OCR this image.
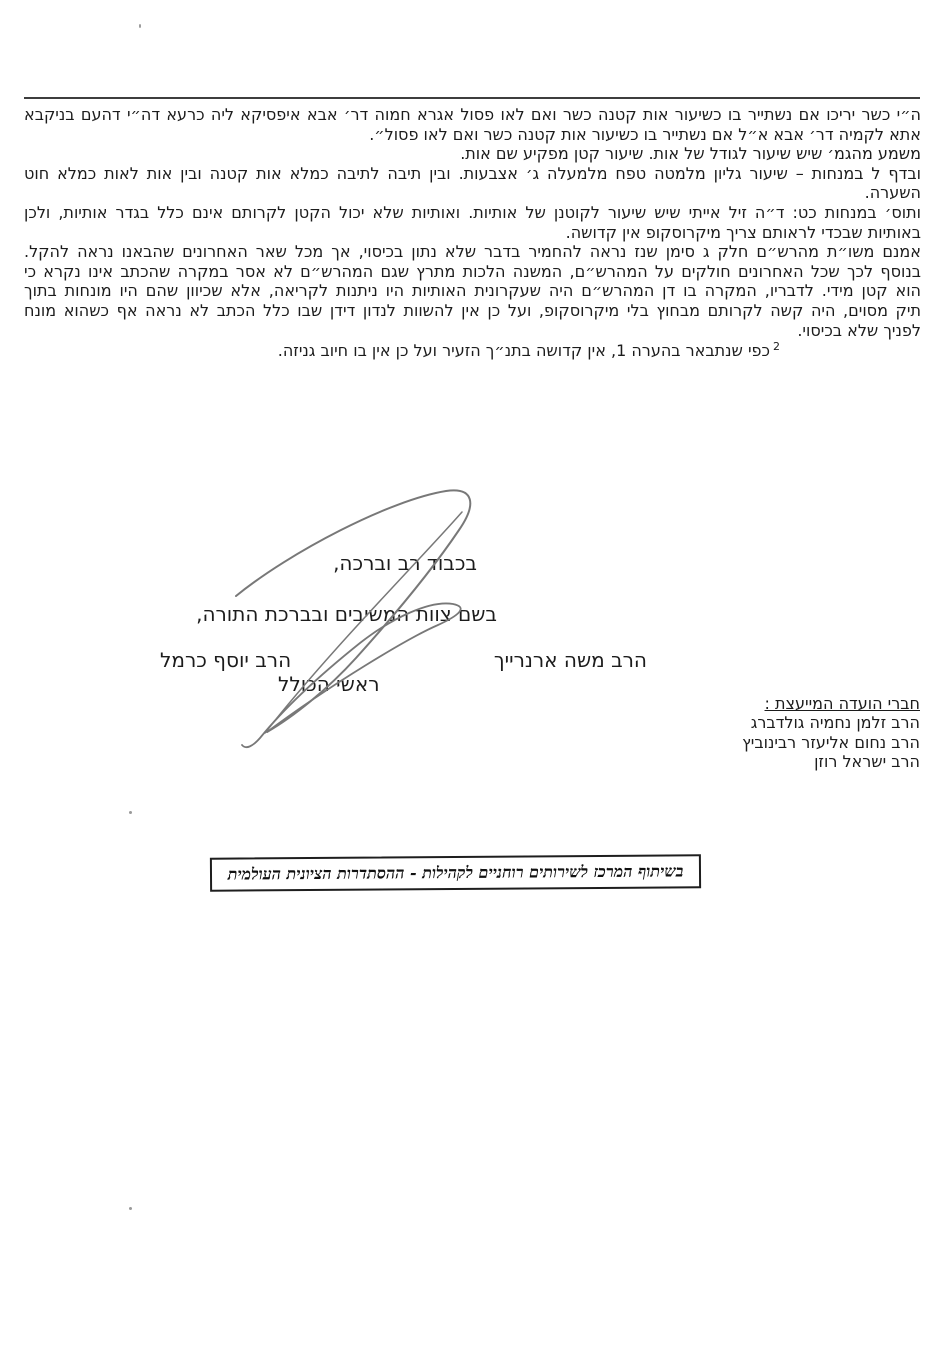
ה״י כשר יריכו אם נשתייר בו כשיעור אות קטנה כשר ואם לאו פסול אגרא חמוה דר׳ אבא איפסיקא ליה כרעא דה״י דהעם בניקבא
אתא לקמיה דר׳ אבא א״ל אם נשתייר בו כשיעור אות קטנה כשר ואם לאו פסול״.
משמע מהגמ׳ שיש שיעור לגודל של אות. שיעור קטן מפקיע שם אות.
ובדף ל במנחות – שיעור גליון מלמטה טפח מלמעלה ג׳ אצבעות. ובין תיבה לתיבה כמלא אות קטנה ובין אות לאות כמלא חוט
השערה.
ותוס׳ במנחות כט: ד״ה זיל אייתי שיש שיעור לקוטנן של אותיות. ואותיות שלא יכול הקטן לקרותם אינם כלל בגדר אותיות, ולכן
באותיות שבכדי לראותם צריך מיקרוסקופ אין קדושה.
אמנם משו״ת מהרש״ם חלק ג סימן שנז נראה להחמיר בדבר שלא נתון בכיסוי, אך מכל שאר האחרונים שהבאנו נראה להקל.
בנוסף לכך שכל האחרונים חולקים על המהרש״ם, המשנה הלכות מתרץ שגם המהרש״ם לא אסר במקרה שהכתב אינו נקרא כי
הוא קטן מידי. לדבריו, המקרה בו דן המהרש״ם היה שעקרונית האותיות היו ניתנות לקריאה, אלא שכיוון שהם היו מונחות בתוך
תיק מסוים, היה קשה לקרותם מבחוץ בלי מיקרוסקופ, ועל כן אין להשוות לנדון דידן שבו כלל הכתב לא נראה אף כשהוא מונח
לפניך שלא בכיסוי.
$^2$כפי שנתבאר בהערה 1, אין קדושה בתנ״ך הזעיר ועל כן אין בו חיוב גניזה.
בכבוד רב וברכה,
בשם צוות המשיבים ובברכת התורה,
הרב משה ארנרייך
הרב יוסף כרמל
ראשי הכולל
חברי הועדה המייעצת :
הרב זלמן נחמיה גולדברג
הרב נחום אליעזר רבינוביץ
הרב ישראל רוזן
בשיתוף המרכז לשירותים רוחניים לקהילות - ההסתדרות הציונית העולמית
